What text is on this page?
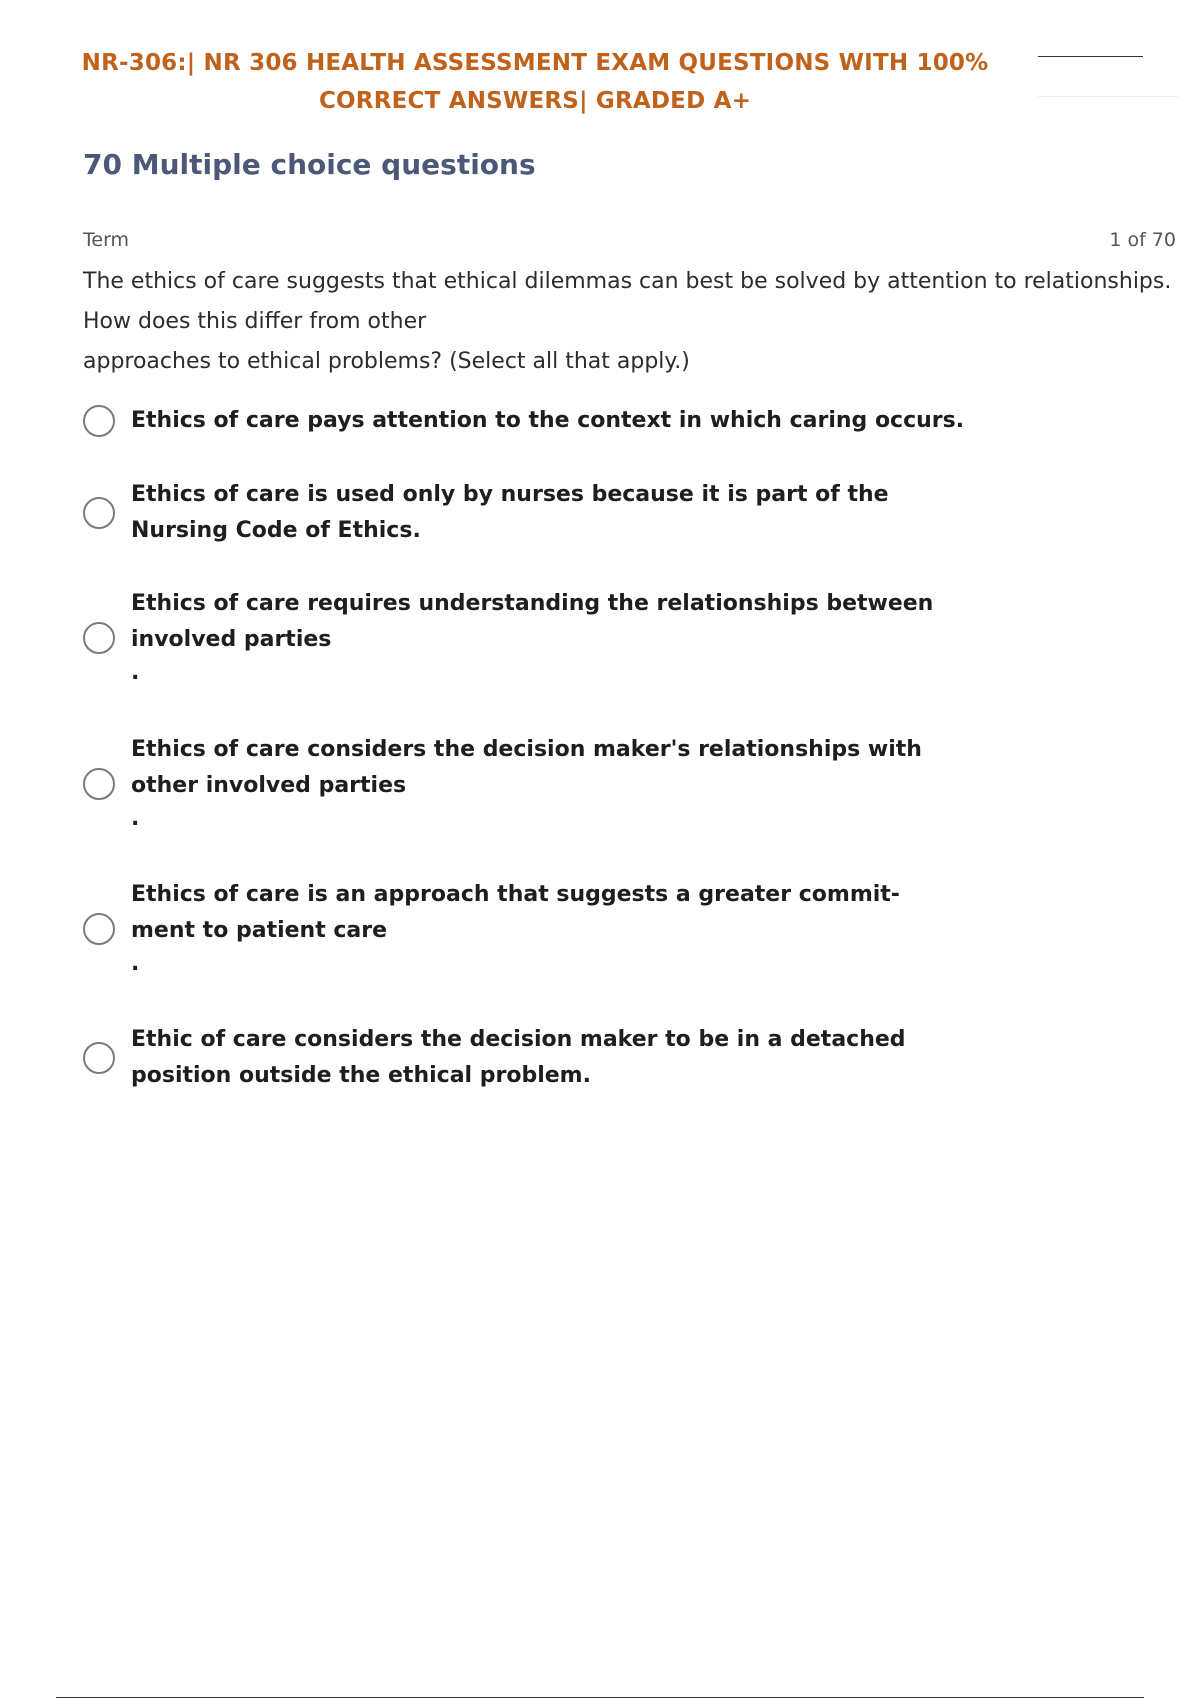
NR-306:| NR 306 HEALTH ASSESSMENT EXAM QUESTIONS WITH 100%
CORRECT ANSWERS| GRADED A+
70 Multiple choice questions
Term	1 of 70
The ethics of care suggests that ethical dilemmas can best be solved by attention to relationships.
How does this differ from other
approaches to ethical problems? (Select all that apply.)
Ethics of care pays attention to the context in which caring occurs.
Ethics of care is used only by nurses because it is part of the
Nursing Code of Ethics.
Ethics of care requires understanding the relationships between
involved parties
.
Ethics of care considers the decision maker's relationships with
other involved parties
.
Ethics of care is an approach that suggests a greater commit-
ment to patient care
.
Ethic of care considers the decision maker to be in a detached
position outside the ethical problem.
